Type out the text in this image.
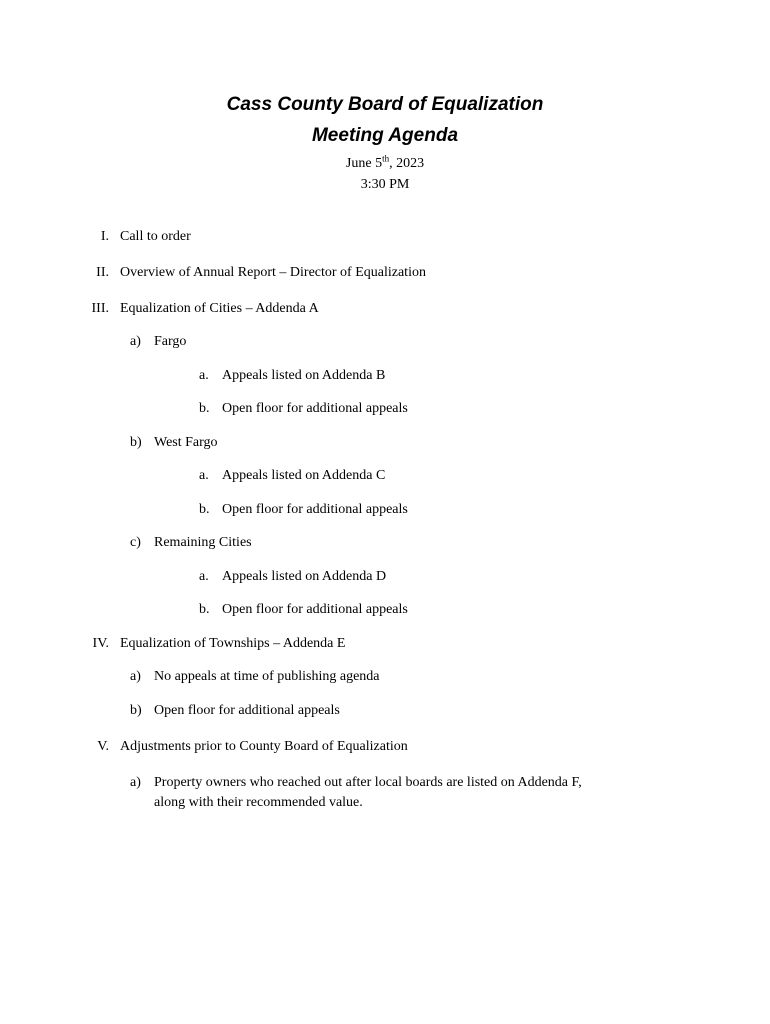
Cass County Board of Equalization
Meeting Agenda
June 5th, 2023
3:30 PM
I. Call to order
II. Overview of Annual Report – Director of Equalization
III. Equalization of Cities – Addenda A
a) Fargo
a. Appeals listed on Addenda B
b. Open floor for additional appeals
b) West Fargo
a. Appeals listed on Addenda C
b. Open floor for additional appeals
c) Remaining Cities
a. Appeals listed on Addenda D
b. Open floor for additional appeals
IV. Equalization of Townships – Addenda E
a) No appeals at time of publishing agenda
b) Open floor for additional appeals
V. Adjustments prior to County Board of Equalization
a) Property owners who reached out after local boards are listed on Addenda F,
along with their recommended value.
